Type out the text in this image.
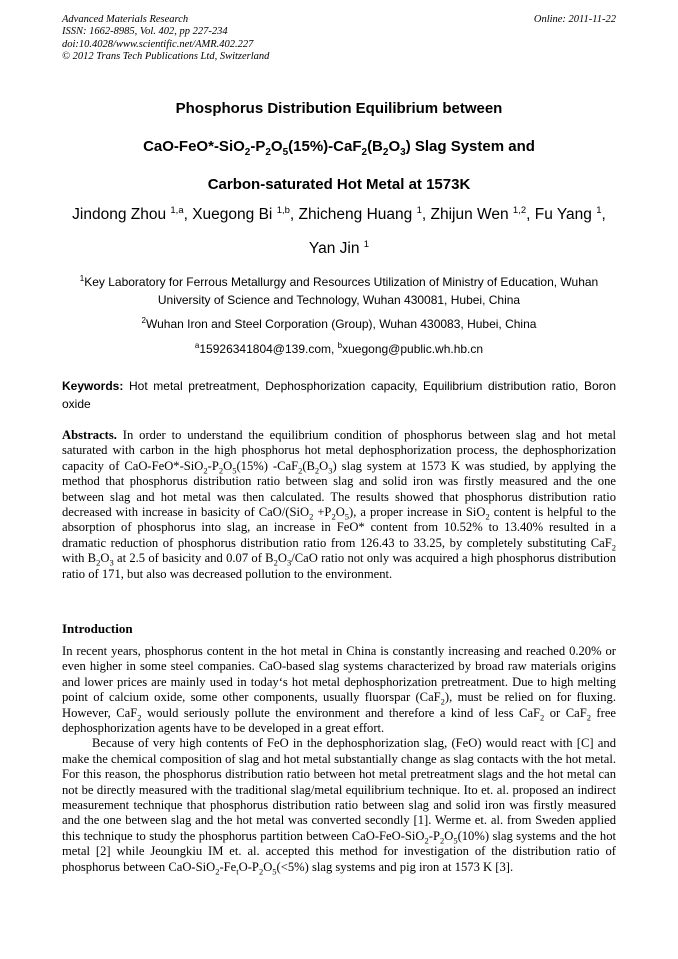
Advanced Materials Research
ISSN: 1662-8985, Vol. 402, pp 227-234
doi:10.4028/www.scientific.net/AMR.402.227
© 2012 Trans Tech Publications Ltd, Switzerland
Online: 2011-11-22
Phosphorus Distribution Equilibrium between
CaO-$FeO*-SiO_2-P_2O_5(15\%)-CaF_2(B_2O_3)$ Slag System and
Carbon-saturated Hot Metal at 1573K
Jindong Zhou $^{1,a}$, Xuegong Bi $^{1,b}$, Zhicheng Huang $^1$, Zhijun Wen $^{1,2}$, Fu Yang $^1$,
Yan Jin $^1$
$^1$Key Laboratory for Ferrous Metallurgy and Resources Utilization of Ministry of Education, Wuhan University of Science and Technology, Wuhan 430081, Hubei, China
$^2$Wuhan Iron and Steel Corporation (Group), Wuhan 430083, Hubei, China
$^a$15926341804@139.com, $^b$xuegong@public.wh.hb.cn
Keywords: Hot metal pretreatment, Dephosphorization capacity, Equilibrium distribution ratio, Boron oxide
Abstracts. In order to understand the equilibrium condition of phosphorus between slag and hot metal saturated with carbon in the high phosphorus hot metal dephosphorization process, the dephosphorization capacity of CaO-$FeO*-SiO_2-P_2O_5(15\%)$ $-CaF_2(B_2O_3)$ slag system at 1573 K was studied, by applying the method that phosphorus distribution ratio between slag and solid iron was firstly measured and the one between slag and hot metal was then calculated. The results showed that phosphorus distribution ratio decreased with increase in basicity of $CaO/(SiO_2 +P_2O_5)$, a proper increase in SiO$_2$ content is helpful to the absorption of phosphorus into slag, an increase in FeO* content from 10.52% to 13.40% resulted in a dramatic reduction of phosphorus distribution ratio from 126.43 to 33.25, by completely substituting CaF$_2$ with $B_2O_3$ at 2.5 of basicity and 0.07 of $B_2O_3$/CaO ratio not only was acquired a high phosphorus distribution ratio of 171, but also was decreased pollution to the environment.
Introduction

In recent years, phosphorus content in the hot metal in China is constantly increasing and reached 0.20% or even higher in some steel companies. CaO-based slag systems characterized by broad raw materials origins and lower prices are mainly used in today‘s hot metal dephosphorization pretreatment. Due to high melting point of calcium oxide, some other components, usually fluorspar (CaF$_2$), must be relied on for fluxing. However, CaF$_2$ would seriously pollute the environment and therefore a kind of less CaF$_2$ or CaF$_2$ free dephosphorization agents have to be developed in a great effort.

Because of very high contents of FeO in the dephosphorization slag, (FeO) would react with [C] and make the chemical composition of slag and hot metal substantially change as slag contacts with the hot metal. For this reason, the phosphorus distribution ratio between hot metal pretreatment slags and the hot metal can not be directly measured with the traditional slag/metal equilibrium technique. Ito et. al. proposed an indirect measurement technique that phosphorus distribution ratio between slag and solid iron was firstly measured and the one between slag and the hot metal was converted secondly [1]. Werme et. al. from Sweden applied this technique to study the phosphorus partition between CaO-$FeO-SiO_2-P_2O_5(10\%)$ slag systems and the hot metal [2] while Jeoungkiu IM et. al. accepted this method for investigation of the distribution ratio of phosphorus between CaO-$SiO_2-Fe_tO-P_2O_5(<5\%)$ slag systems and pig iron at 1573 K [3].
